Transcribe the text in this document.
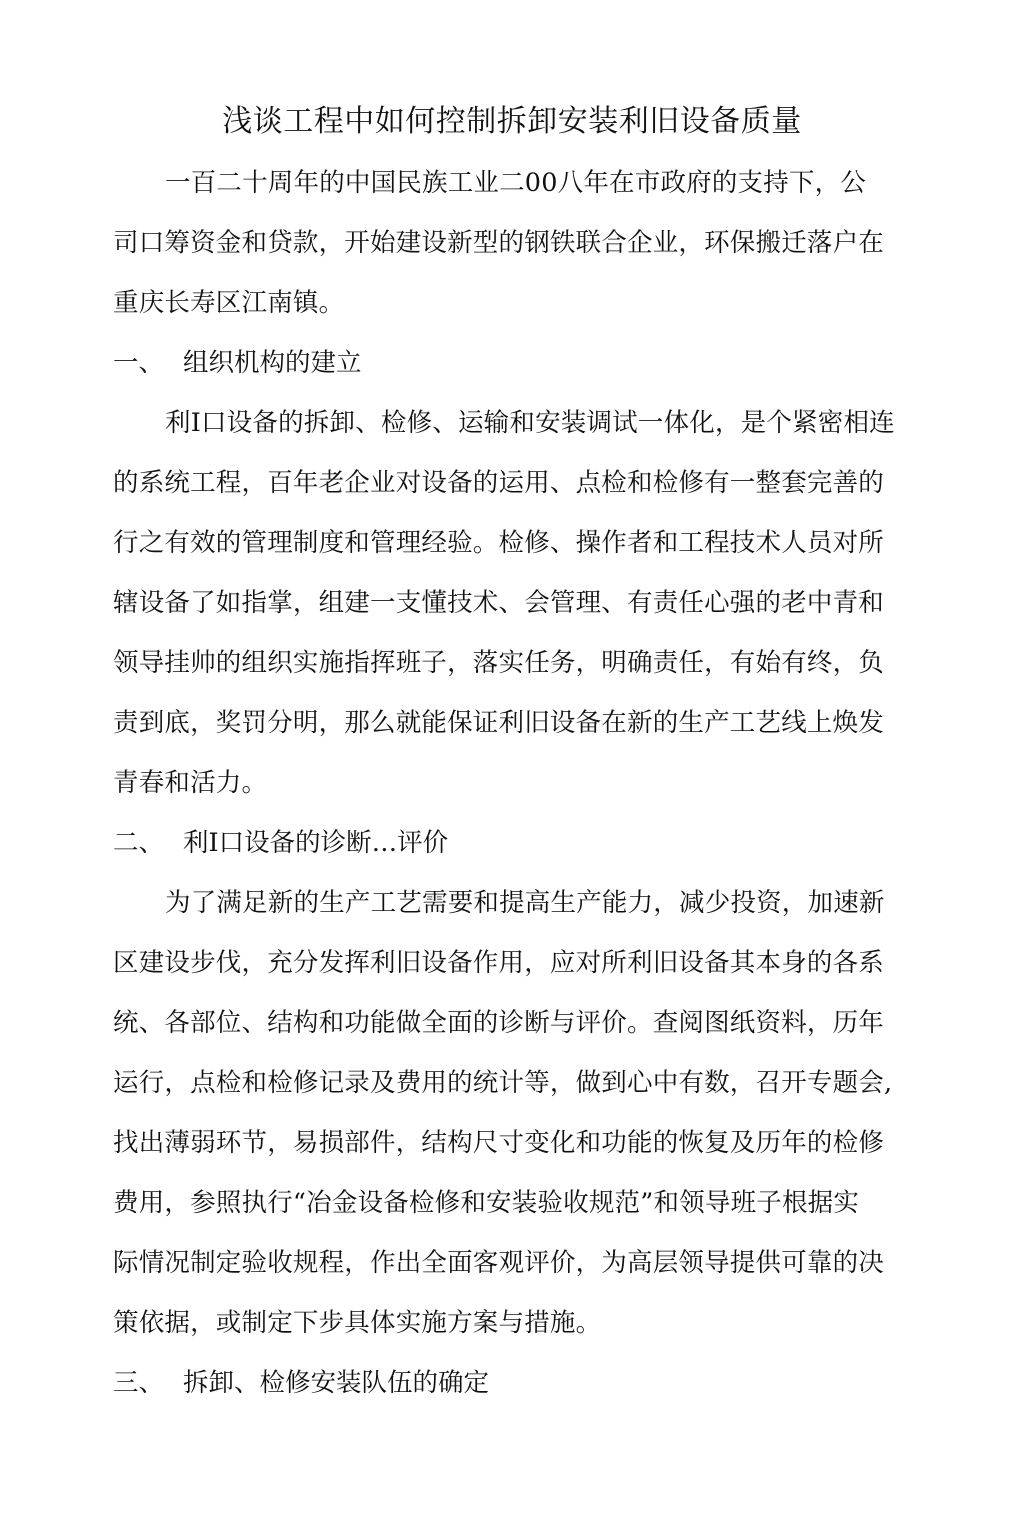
浅谈工程中如何控制拆卸安装利旧设备质量
一百二十周年的中国民族工业二00八年在市政府的支持下，公
司口筹资金和贷款，开始建设新型的钢铁联合企业，环保搬迁落户在
重庆长寿区江南镇。
一、 组织机构的建立
利I口设备的拆卸、检修、运输和安装调试一体化，是个紧密相连
的系统工程，百年老企业对设备的运用、点检和检修有一整套完善的
行之有效的管理制度和管理经验。检修、操作者和工程技术人员对所
辖设备了如指掌，组建一支懂技术、会管理、有责任心强的老中青和
领导挂帅的组织实施指挥班子，落实任务，明确责任，有始有终，负
责到底，奖罚分明，那么就能保证利旧设备在新的生产工艺线上焕发
青春和活力。
二、 利I口设备的诊断…评价
为了满足新的生产工艺需要和提高生产能力，减少投资，加速新
区建设步伐，充分发挥利旧设备作用，应对所利旧设备其本身的各系
统、各部位、结构和功能做全面的诊断与评价。查阅图纸资料，历年
运行，点检和检修记录及费用的统计等，做到心中有数，召开专题会,
找出薄弱环节，易损部件，结构尺寸变化和功能的恢复及历年的检修
费用，参照执行“冶金设备检修和安装验收规范”和领导班子根据实
际情况制定验收规程，作出全面客观评价，为高层领导提供可靠的决
策依据，或制定下步具体实施方案与措施。
三、 拆卸、检修安装队伍的确定
